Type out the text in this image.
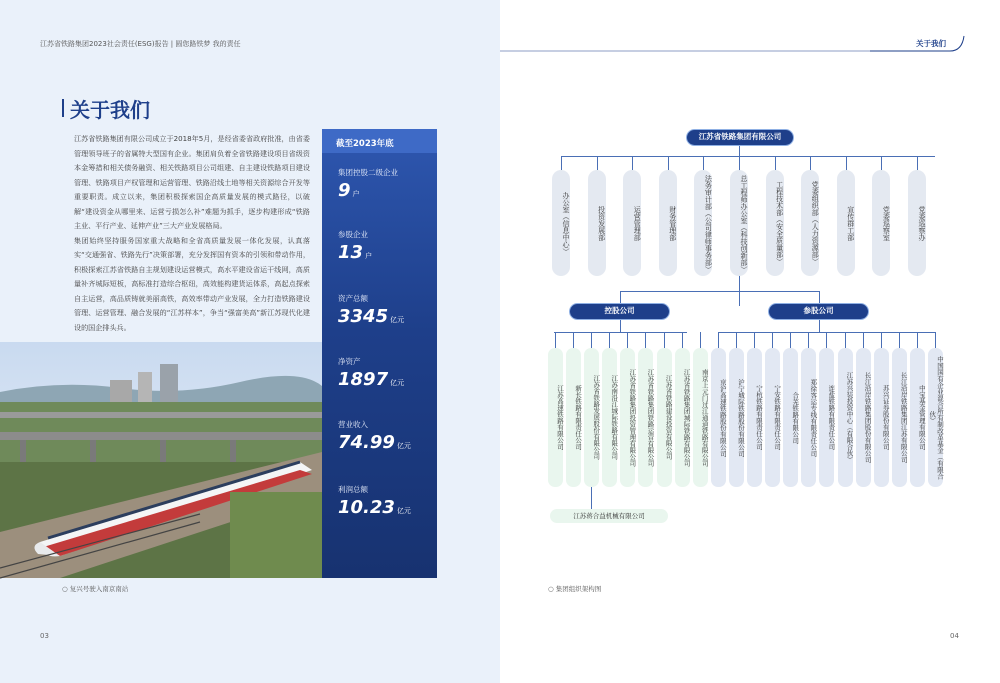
江苏省铁路集团2023社会责任(ESG)报告 | 圆您路铁梦 我的责任
关于我们
江苏省铁路集团有限公司成立于2018年5月，是经省委省政府批准，由省委管理领导班子的省属特大型国有企业。集团肩负着全省铁路建设项目省级资本金筹措和相关债务融资、相关铁路项目公司组建、自主建设铁路项目建设管理、铁路项目产权管理和运营管理、铁路沿线土地等相关资源综合开发等重要职责。成立以来，集团积极探索国企高质量发展的模式路径，以破解“建设资金从哪里来、运营亏损怎么补”难题为抓手，逐步构建形成“铁路主业、平行产业、延伸产业”三大产业发展格局。
集团始终坚持服务国家重大战略和全省高质量发展一体化发展，认真落实“交通强省、铁路先行”决策部署，充分发挥国有资本的引领和带动作用，积极探索江苏省铁路自主规划建设运营模式，高水平建设省运干线网，高质量补齐城际短板，高标准打造综合枢纽，高效能构建货运体系，高起点探索自主运营，高品质铸就美丽高铁，高效率带动产业发展，全力打造铁路建设管理、运营管理、融合发展的“江苏样本”，争当“强富美高”新江苏现代化建设的国企排头兵。
截至2023年底
集团控股二级企业
9 户
参股企业
13 户
资产总额
3345 亿元
净资产
1897 亿元
营业收入
74.99 亿元
利润总额
10.23 亿元
○ 复兴号驶入南京南站
03
关于我们
江苏省铁路集团有限公司
办公室（信息中心）	投资发展部	运营管理部	财务管理部	法务审计部（公司律师事务部）	总工程师办公室（科技创新部）	工程技术部（安全质量部）	党委组织部（人力资源部）	宣传群工部	党委巡察室	党委巡察办
控股公司	参股公司
江苏高速铁路有限公司	新长铁路有限责任公司	江苏省铁路发展股份有限公司	江苏南沿江城际铁路有限公司	江苏省铁路集团投资管理有限公司	江苏省铁路集团铁路运营有限公司	江苏省铁路建设投资有限公司	江苏省铁路集团城际铁路有限公司	南京上元门过江通道铁路有限公司	京沪高速铁路股份有限公司	沪宁城际铁路股份有限公司	宁杭铁路有限责任公司	宁安铁路有限责任公司	合芜铁路有限公司	郑徐客运专线有限责任公司	连盐铁路有限责任公司	江苏兴装投资中心（有限合伙）	长江沿岸铁路集团股份有限公司	苏兴证券股份有限公司	长江沿岸铁路集团江苏有限公司	中宝基金管理有限公司	中国国有企业混合所有制改革基金（有限合伙）
江苏蒋合益机械有限公司
○ 集团组织架构图
04
